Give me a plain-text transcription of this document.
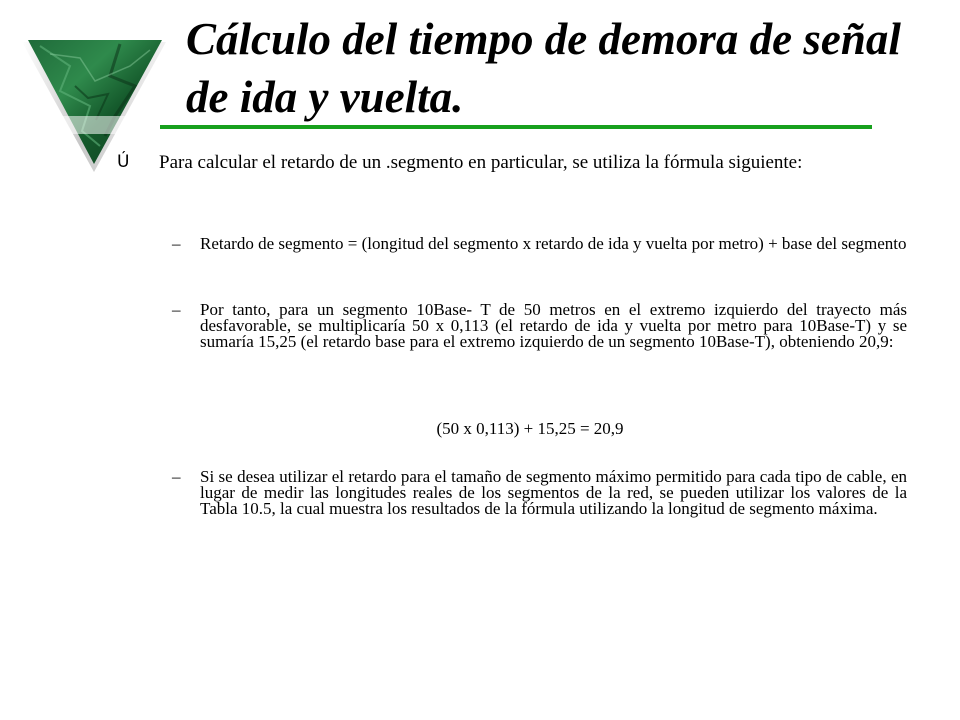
Cálculo del tiempo de demora de señal de ida y vuelta.
Ú	Para calcular el retardo de un .segmento en particular, se utiliza la fórmula siguiente:
–	Retardo de segmento = (longitud del segmento x retardo de ida y vuelta por metro) + base del segmento
–	Por tanto, para un segmento 10Base- T de 50 metros en el extremo izquierdo del trayecto más desfavorable, se multiplicaría 50 x 0,113 (el retardo de ida y vuelta por metro para 10Base-T) y se sumaría 15,25 (el retardo base para el extremo izquierdo de un segmento 10Base-T), obteniendo 20,9:
(50 x 0,113) + 15,25 = 20,9
–	Si se desea utilizar el retardo para el tamaño de segmento máximo permitido para cada tipo de cable, en lugar de medir las longitudes reales de los segmentos de la red, se pueden utilizar los valores de la Tabla 10.5, la cual muestra los resultados de la fórmula utilizando la longitud de segmento máxima.
